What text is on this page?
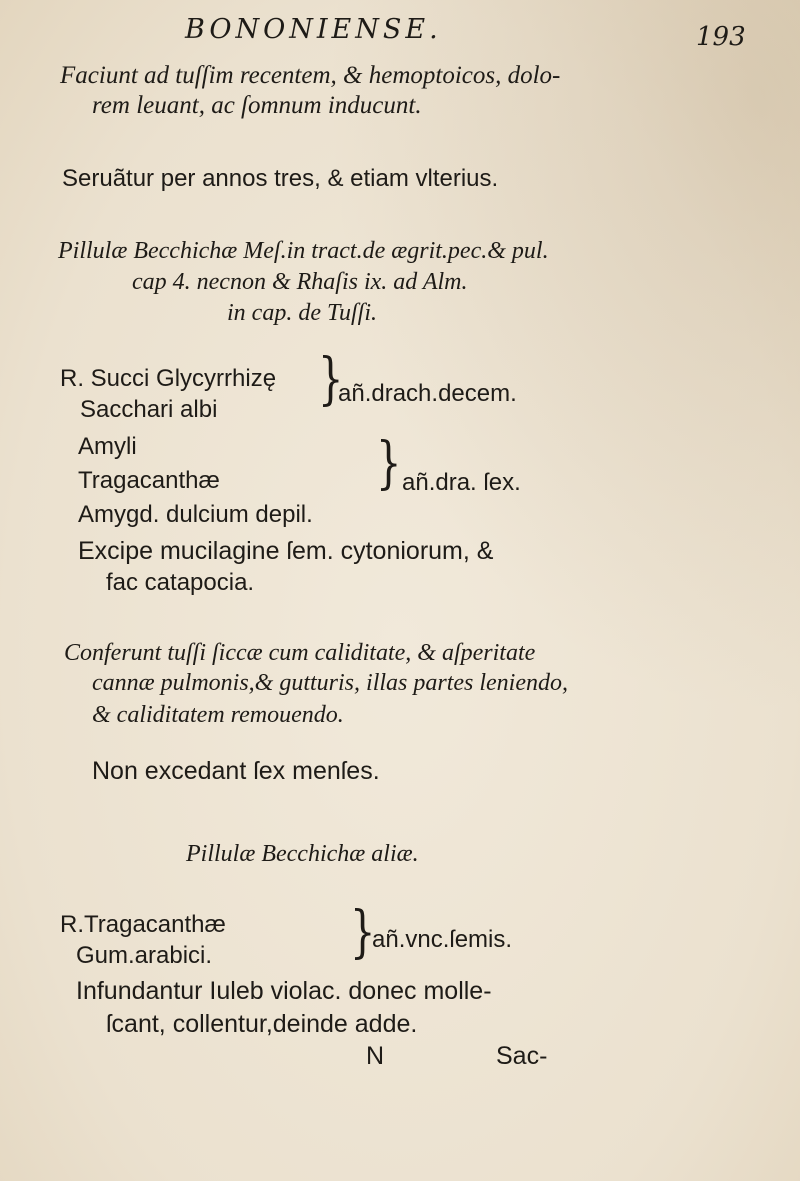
BONONIENSE.	193
Faciunt ad tuſſim recentem, & hemoptoicos, dolo-
rem leuant, ac ſomnum inducunt.
Seruãtur per annos tres, & etiam vlterius.
Pillulæ Becchichæ Meſ.in tract.de ægrit.pec.& pul.
cap 4. necnon & Rhaſis ix. ad Alm.
in cap. de Tuſſi.
R. Succi Glycyrrhizę
Sacchari albi	}
añ.drach.decem.
Amyli
Tragacanthæ	} añ.dra. ſex.
Amygd. dulcium depil.
Excipe mucilagine ſem. cytoniorum, &
fac catapocia.
Conferunt tuſſi ſiccæ cum caliditate, & aſperitate
cannæ pulmonis,& gutturis, illas partes leniendo,
& caliditatem remouendo.
Non excedant ſex menſes.
Pillulæ Becchichæ aliæ.
R.Tragacanthæ
Gum.arabici.	}
añ.vnc.ſemis.
Infundantur Iuleb violac. donec molle-
ſcant, collentur,deinde adde.
N	Sac-
